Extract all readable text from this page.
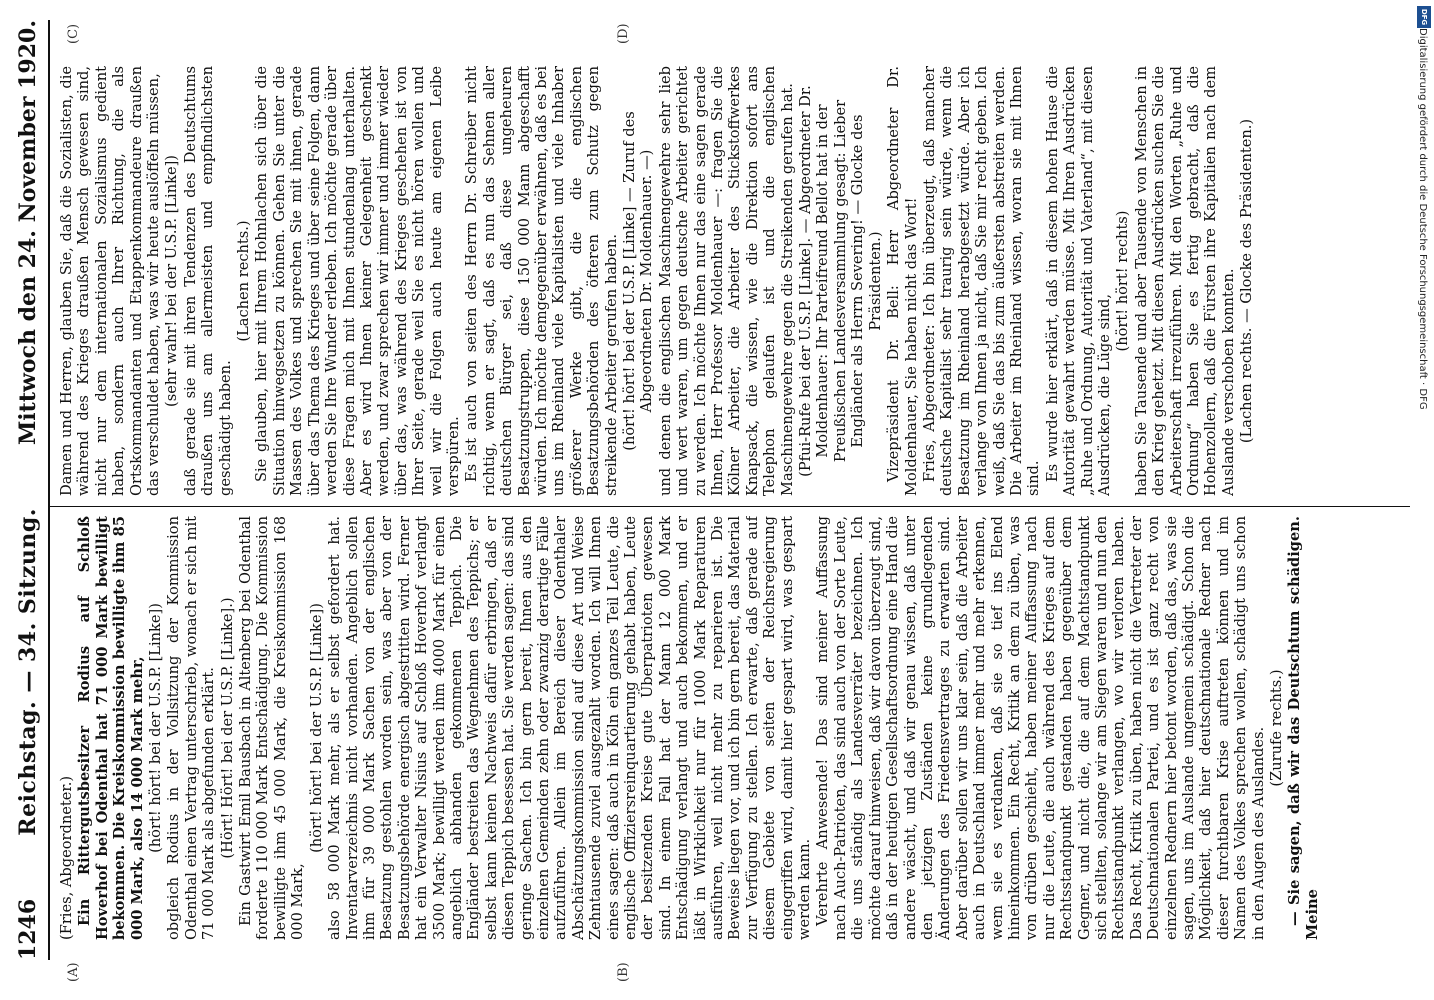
1246
Reichstag. — 34. Sitzung.
Mittwoch den 24. November 1920.
(A)	(B)
(C)	(D)

(Fries, Abgeordneter.) Ein Rittergutsbesitzer Rodius auf Schloß Hoverhof bei Odenthal hat 71 000 Mark bewilligt bekommen. Die Kreiskommission bewilligte ihm 85 000 Mark, also 14 000 Mark mehr, (hört! hört! bei der U.S.P. [Linke]) obgleich Rodius in der Vollsitzung der Kommission Odenthal einen Vertrag unterschrieb, wonach er sich mit 71 000 Mark als abgefunden erklärt. (Hört! Hört! bei der U.S.P. [Linke].) Ein Gastwirt Emil Bausbach in Altenberg bei Odenthal forderte 110 000 Mark Entschädigung. Die Kommission bewilligte ihm 45 000 Mark, die Kreiskommission 168 000 Mark,

(hört! hört! bei der U.S.P. [Linke]) also 58 000 Mark mehr, als er selbst gefordert hat. Inventarverzeichnis nicht vorhanden. Angeblich sollen ihm für 39 000 Mark Sachen von der englischen Besatzung gestohlen worden sein, was aber von der Besatzungsbehörde energisch abgestritten wird. Ferner hat ein Verwalter Nisius auf Schloß Hoverhof verlangt 3500 Mark; bewilligt werden ihm 4000 Mark für einen angeblich abhanden gekommenen Teppich. Die Engländer bestreiten das Wegnehmen des Teppichs; er selbst kann keinen Nachweis dafür erbringen, daß er diesen Teppich besessen hat. Sie werden sagen: das sind geringe Sachen. Ich bin gern bereit, Ihnen aus den einzelnen Gemeinden zehn oder zwanzig derartige Fälle aufzuführen. Allein im Bereich dieser Odenthaler Abschätzungskommission sind auf diese Art und Weise Zehntausende zuviel ausgezahlt worden. Ich will Ihnen eines sagen: daß auch in Köln ein ganzes Teil Leute, die englische Offiziersreinquartierung gehabt haben, Leute der besitzenden Kreise gute Überpatrioten gewesen sind. In einem Fall hat der Mann 12 000 Mark Entschädigung verlangt und auch bekommen, und er läßt in Wirklichkeit nur für 1000 Mark Reparaturen ausführen, weil nicht mehr zu reparieren ist. Die Beweise liegen vor, und ich bin gern bereit, das Material zur Verfügung zu stellen. Ich erwarte, daß gerade auf diesem Gebiete von seiten der Reichsregierung eingegriffen wird, damit hier gespart wird, was gespart werden kann. Verehrte Anwesende! Das sind meiner Auffassung nach Auch-Patrioten, das sind auch von der Sorte Leute, die uns ständig als Landesverräter bezeichnen. Ich möchte darauf hinweisen, daß wir davon überzeugt sind, daß in der heutigen Gesellschaftsordnung eine Hand die andere wäscht, und daß wir genau wissen, daß unter den jetzigen Zuständen keine grundlegenden Änderungen des Friedensvertrages zu erwarten sind. Aber darüber sollen wir uns klar sein, daß die Arbeiter auch in Deutschland immer mehr und mehr erkennen, wem sie es verdanken, daß sie so tief ins Elend hineinkommen. Ein Recht, Kritik an dem zu üben, was von drüben geschieht, haben meiner Auffassung nach nur die Leute, die auch während des Krieges auf dem Rechtsstandpunkt gestanden haben gegenüber dem Gegner, und nicht die, die auf dem Machtstandpunkt sich stellten, solange wir am Siegen waren und nun den Rechtsstandpunkt verlangen, wo wir verloren haben. Das Recht, Kritik zu üben, haben nicht die Vertreter der Deutschnationalen Partei, und es ist ganz recht von einzelnen Rednern hier betont worden, daß das, was sie sagen, uns im Auslande ungemein schädigt. Schon die Möglichkeit, daß hier deutschnationale Redner nach dieser furchtbaren Krise auftreten können und im Namen des Volkes sprechen wollen, schädigt uns schon in den Augen des Auslandes. (Zurufe rechts.) — Sie sagen, daß wir das Deutschtum schädigen. Meine

Damen und Herren, glauben Sie, daß die Sozialisten, die während des Krieges draußen Mensch gewesen sind, nicht nur dem internationalen Sozialismus gedient haben, sondern auch Ihrer Richtung, die als Ortskommandanten und Etappenkommandeure draußen das verschuldet haben, was wir heute auslöffeln müssen, (sehr wahr! bei der U.S.P. [Linke]) daß gerade sie mit ihren Tendenzen des Deutschtums draußen uns am allermeisten und empfindlichsten geschädigt haben.

(Lachen rechts.) Sie glauben, hier mit Ihrem Hohnlachen sich über die Situation hinwegsetzen zu können. Gehen Sie unter die Massen des Volkes und sprechen Sie mit ihnen, gerade über das Thema des Krieges und über seine Folgen, dann werden Sie Ihre Wunder erleben. Ich möchte gerade über diese Fragen mich mit Ihnen stundenlang unterhalten. Aber es wird Ihnen keiner Gelegenheit geschenkt werden, und zwar sprechen wir immer und immer wieder über das, was während des Krieges geschehen ist von Ihrer Seite, gerade weil Sie es nicht hören wollen und weil wir die Folgen auch heute am eigenen Leibe verspüren. Es ist auch von seiten des Herrn Dr. Schreiber nicht richtig, wenn er sagt, daß es nun das Sehnen aller deutschen Bürger sei, daß diese ungeheuren Besatzungstruppen, diese 150 000 Mann abgeschafft würden. Ich möchte demgegenüber erwähnen, daß es bei uns im Rheinland viele Kapitalisten und viele Inhaber größerer Werke gibt, die die englischen Besatzungsbehörden des öfteren zum Schutz gegen streikende Arbeiter gerufen haben. (hört! hört! bei der U.S.P. [Linke] — Zuruf des Abgeordneten Dr. Moldenhauer. —) und denen die englischen Maschinengewehre sehr lieb und wert waren, um gegen deutsche Arbeiter gerichtet zu werden. Ich möchte Ihnen nur das eine sagen gerade Ihnen, Herr Professor Moldenhauer —: fragen Sie die Kölner Arbeiter, die Arbeiter des Stickstoffwerkes Knapsack, die wissen, wie die Direktion sofort ans Telephon gelaufen ist und die englischen Maschinengewehre gegen die Streikenden gerufen hat. (Pfui-Rufe bei der U.S.P. [Linke]. — Abgeordneter Dr. Moldenhauer: Ihr Parteifreund Bellot hat in der Preußischen Landesversammlung gesagt: Lieber Engländer als Herrn Severing! — Glocke des Präsidenten.) Vizepräsident Dr. Bell: Herr Abgeordneter Dr. Moldenhauer, Sie haben nicht das Wort! Fries, Abgeordneter: Ich bin überzeugt, daß mancher deutsche Kapitalist sehr traurig sein würde, wenn die Besatzung im Rheinland herabgesetzt würde. Aber ich verlange von Ihnen ja nicht, daß Sie mir recht geben. Ich weiß, daß Sie das bis zum äußersten abstreiten werden. Die Arbeiter im Rheinland wissen, woran sie mit Ihnen sind. Es wurde hier erklärt, daß in diesem hohen Hause die Autorität gewahrt werden müsse. Mit Ihren Ausdrücken „Ruhe und Ordnung, Autorität und Vaterland“, mit diesen Ausdrücken, die Lüge sind,

(hört! hört! rechts) haben Sie Tausende und aber Tausende von Menschen in den Krieg gehetzt. Mit diesen Ausdrücken suchen Sie die Arbeiterschaft irrezuführen. Mit den Worten „Ruhe und Ordnung“ haben Sie es fertig gebracht, daß die Hohenzollern, daß die Fürsten ihre Kapitalien nach dem Auslande verschoben konnten. (Lachen rechts. — Glocke des Präsidenten.)	Digitalisierung gefördert durch die Deutsche Forschungsgemeinschaft · DFG
DFG
